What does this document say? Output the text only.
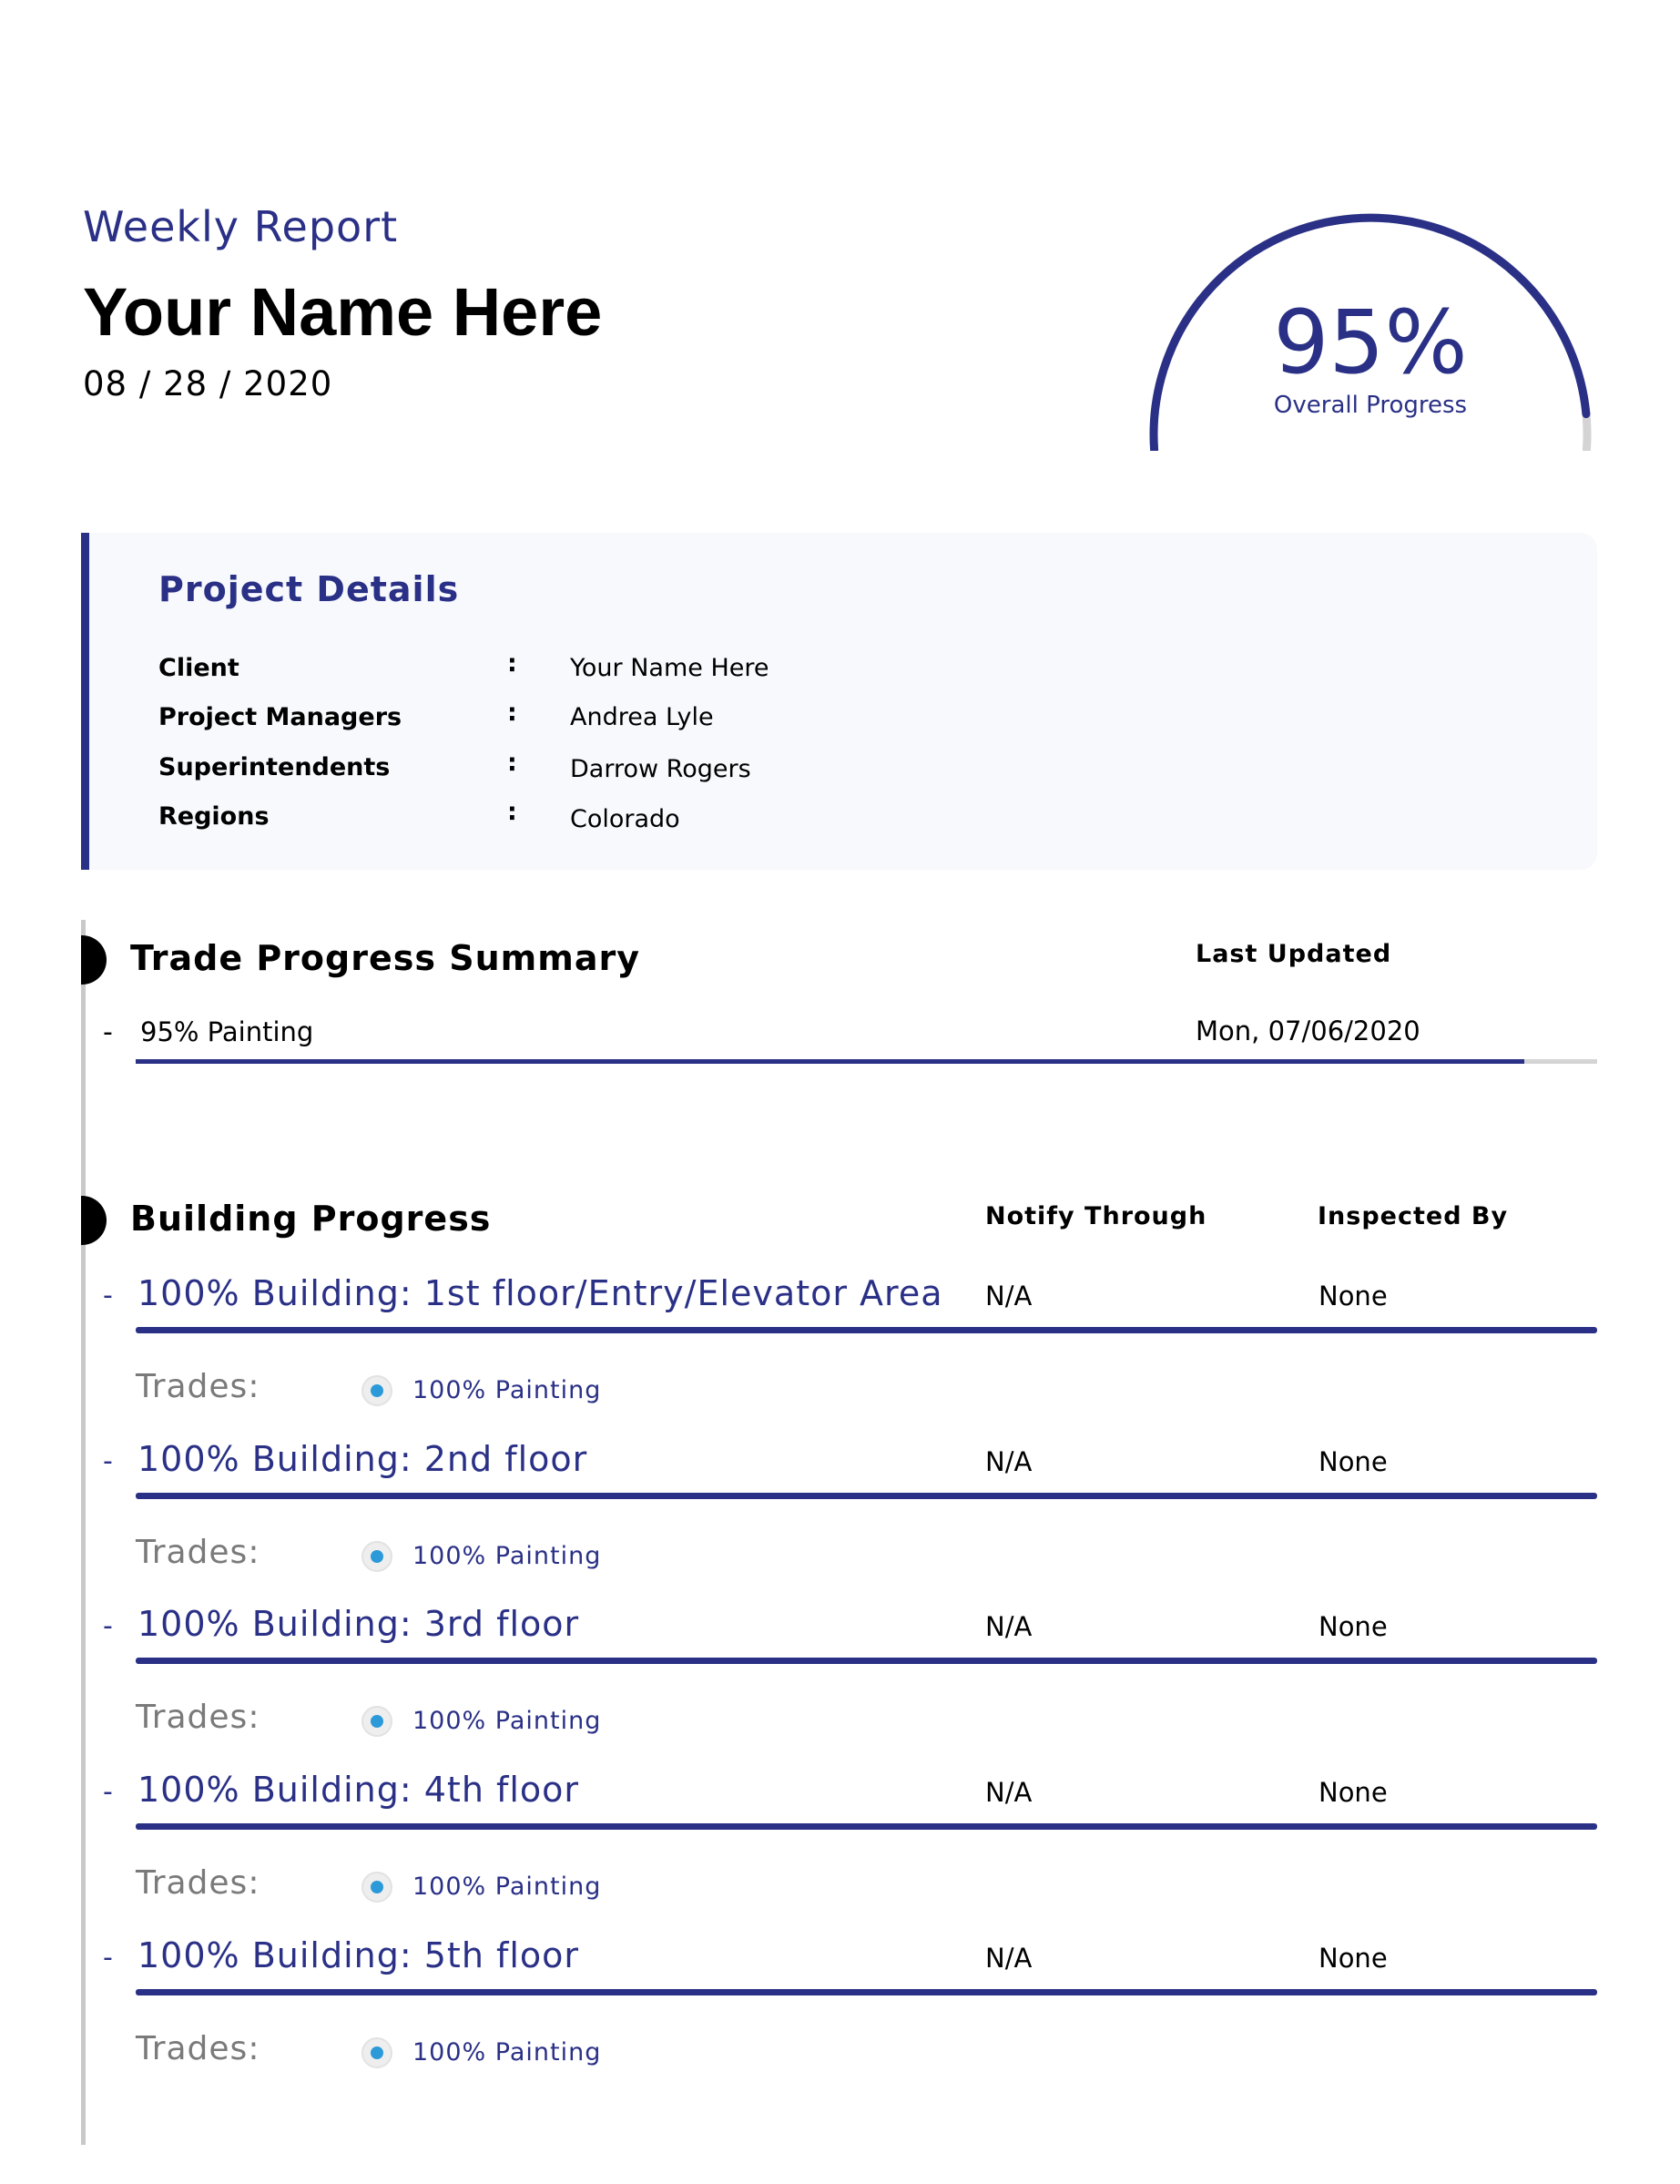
Weekly Report
Your Name Here
08 / 28 / 2020	95%
Overall Progress
Project Details
Client	: Your Name Here
Project Managers	: Andrea Lyle
Superintendents	: Darrow Rogers
Regions	: Colorado
Trade Progress Summary	Last Updated
- 95% Painting	Mon, 07/06/2020
Building Progress	Notify Through	Inspected By
- 100% Building: 1st floor/Entry/Elevator Area N/A	None
Trades:	100% Painting
- 100% Building: 2nd floor	N/A	None
Trades:	100% Painting
- 100% Building: 3rd floor	N/A	None
Trades:	100% Painting
- 100% Building: 4th floor	N/A	None
Trades:	100% Painting
- 100% Building: 5th floor	N/A	None
Trades:	100% Painting
